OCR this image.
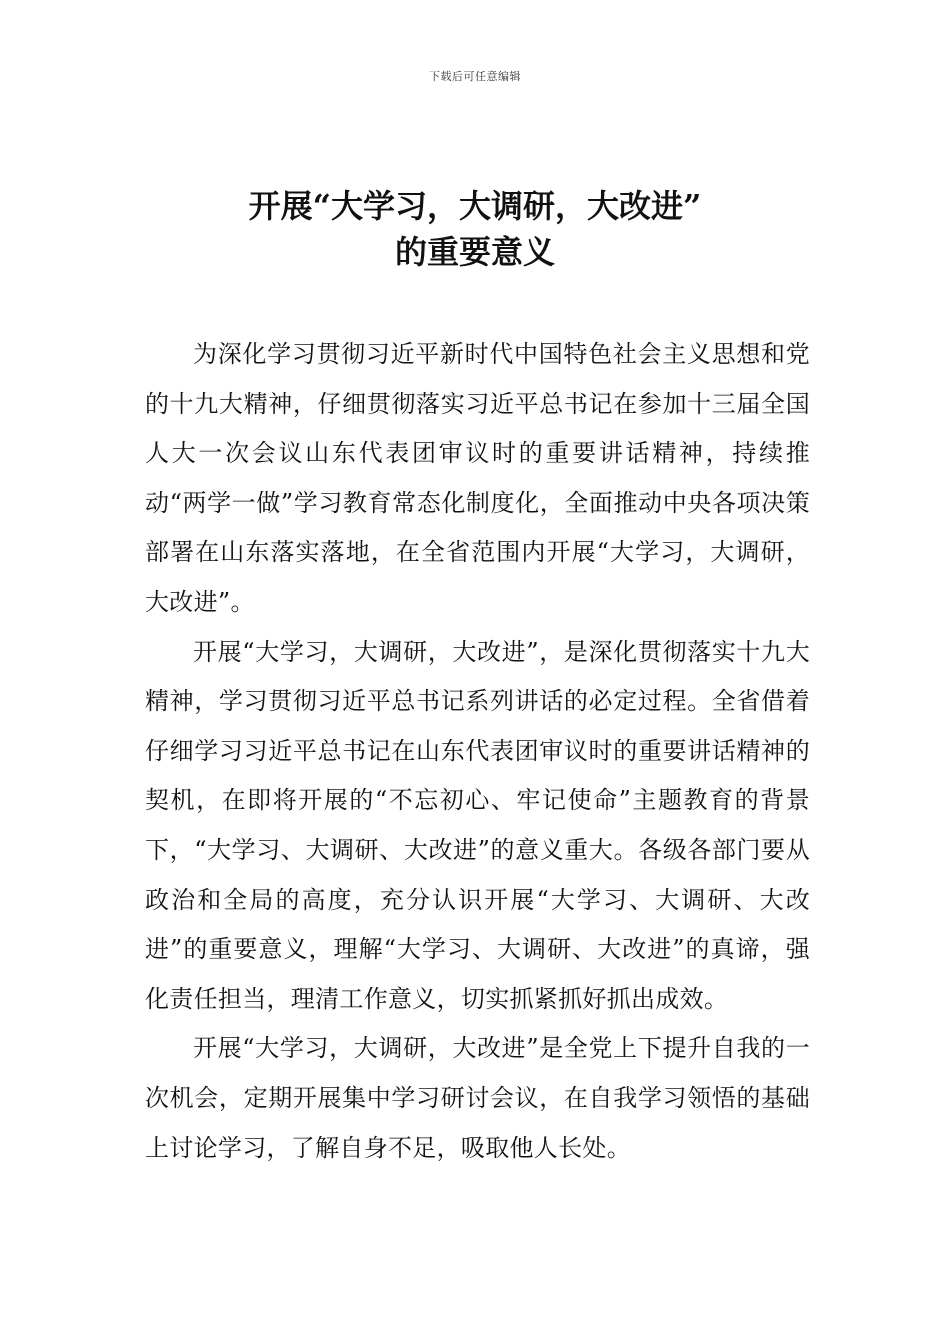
下载后可任意编辑
开展“大学习，大调研，大改进”
的重要意义

为深化学习贯彻习近平新时代中国特色社会主义思想和党的十九大精神，仔细贯彻落实习近平总书记在参加十三届全国人大一次会议山东代表团审议时的重要讲话精神，持续推动“两学一做”学习教育常态化制度化，全面推动中央各项决策部署在山东落实落地，在全省范围内开展“大学习，大调研，大改进”。

开展“大学习，大调研，大改进”，是深化贯彻落实十九大精神，学习贯彻习近平总书记系列讲话的必定过程。全省借着仔细学习习近平总书记在山东代表团审议时的重要讲话精神的契机，在即将开展的“不忘初心、牢记使命”主题教育的背景下，“大学习、大调研、大改进”的意义重大。各级各部门要从政治和全局的高度，充分认识开展“大学习、大调研、大改进”的重要意义，理解“大学习、大调研、大改进”的真谛，强化责任担当，理清工作意义，切实抓紧抓好抓出成效。

开展“大学习，大调研，大改进”是全党上下提升自我的一次机会，定期开展集中学习研讨会议，在自我学习领悟的基础上讨论学习，了解自身不足，吸取他人长处。
